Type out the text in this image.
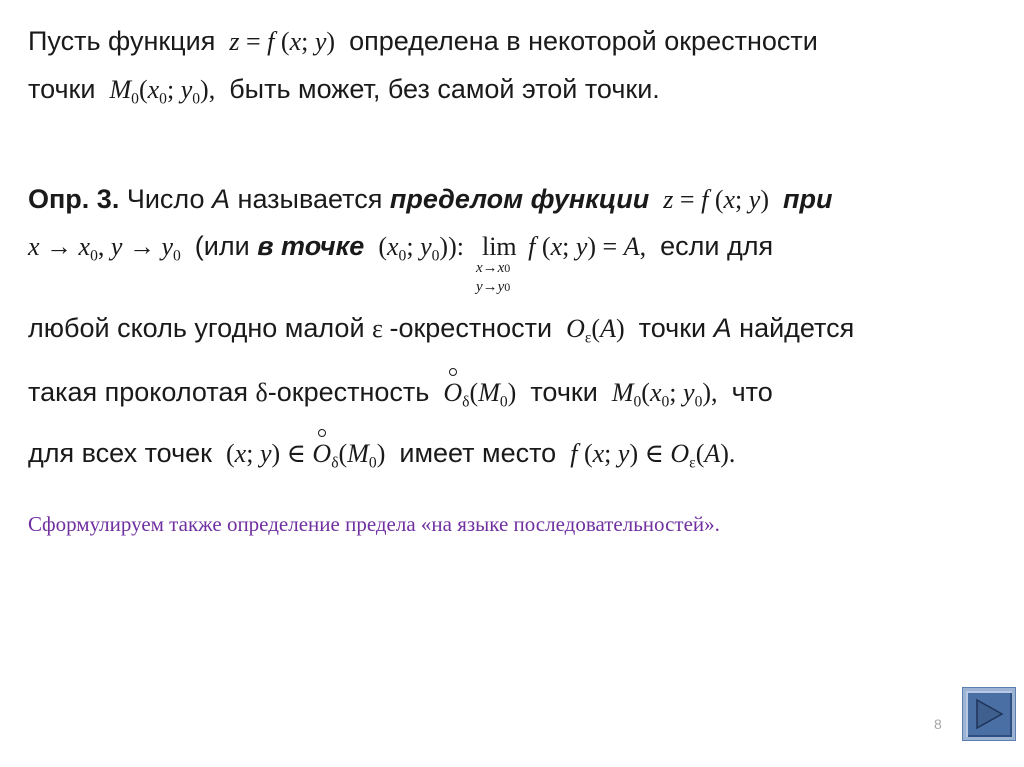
Пусть функция z = f (x; y)  определена в некоторой окрестности
точки $M_0(x_0$; $y_0$),  быть может, без самой этой точки.
Опр. 3. Число A называется пределом функции z = f (x; y)  при
$x \to x_0$, $y \to y_0$ (или в точке  ($x_0$; $y_0$)):  lim
x→x0
y→y0
f (x; y) = A,  если для
любой сколь угодно малой ε -окрестности $O_\varepsilon(A)$  точки A найдется
такая проколотая δ-окрестность $O_\delta(M_0)$  точки $M_0(x_0$; $y_0$),  что
для всех точек  (x; y) ∈ $O_\delta(M_0)$  имеет место f (x; y) ∈ $O_\varepsilon(A)$.
Сформулируем также определение предела «на языке последовательностей».
8
